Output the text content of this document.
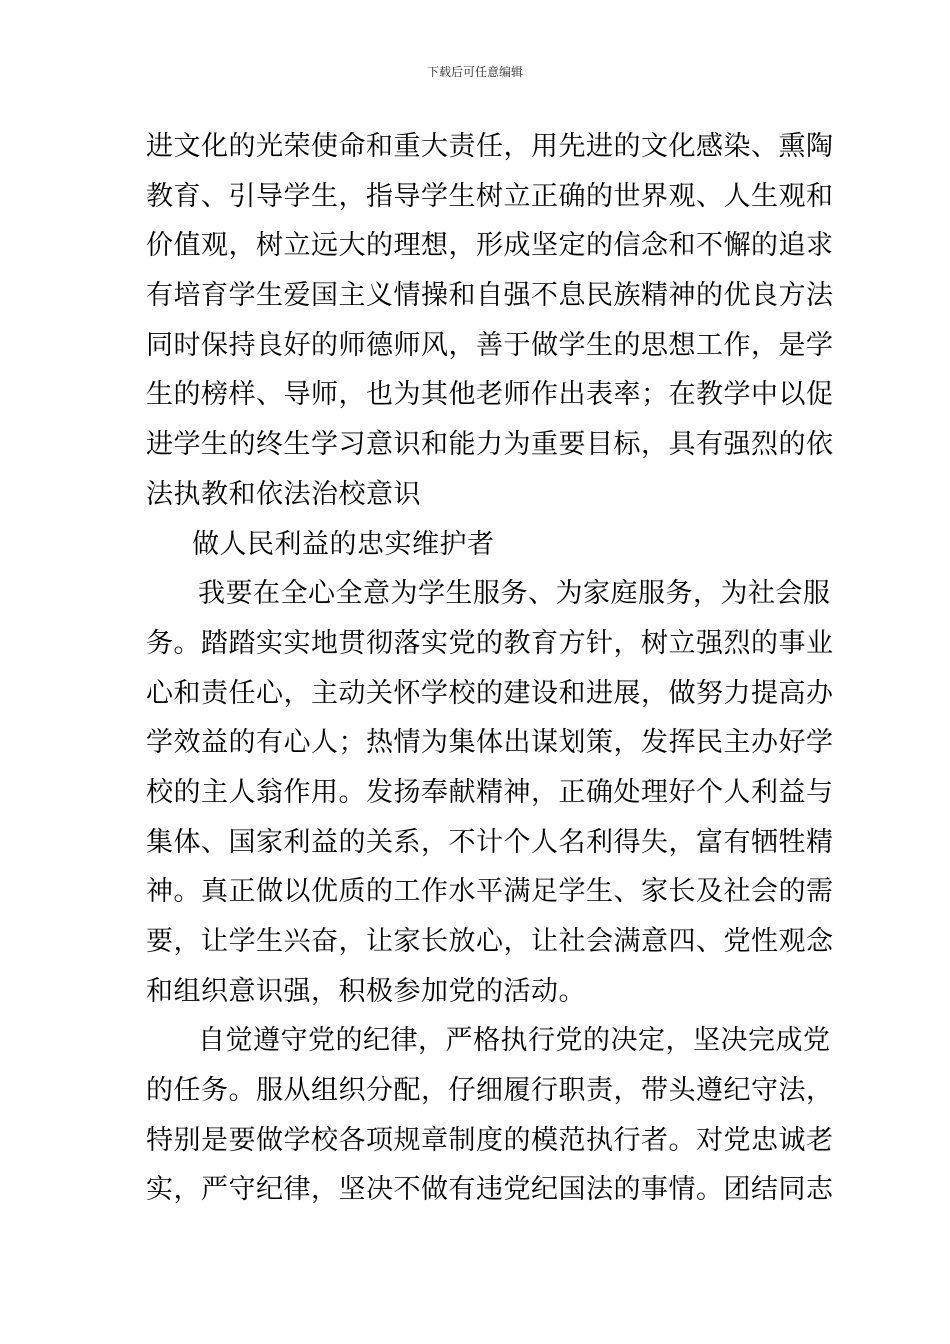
下载后可任意编辑
进文化的光荣使命和重大责任，用先进的文化感染、熏陶
教育、引导学生，指导学生树立正确的世界观、人生观和
价值观，树立远大的理想，形成坚定的信念和不懈的追求
有培育学生爱国主义情操和自强不息民族精神的优良方法
同时保持良好的师德师风，善于做学生的思想工作，是学
生的榜样、导师，也为其他老师作出表率；在教学中以促
进学生的终生学习意识和能力为重要目标，具有强烈的依
法执教和依法治校意识
做人民利益的忠实维护者
我要在全心全意为学生服务、为家庭服务，为社会服
务。踏踏实实地贯彻落实党的教育方针，树立强烈的事业
心和责任心，主动关怀学校的建设和进展，做努力提高办
学效益的有心人；热情为集体出谋划策，发挥民主办好学
校的主人翁作用。发扬奉献精神，正确处理好个人利益与
集体、国家利益的关系，不计个人名利得失，富有牺牲精
神。真正做以优质的工作水平满足学生、家长及社会的需
要，让学生兴奋，让家长放心，让社会满意四、党性观念
和组织意识强，积极参加党的活动。
自觉遵守党的纪律，严格执行党的决定，坚决完成党
的任务。服从组织分配，仔细履行职责，带头遵纪守法，
特别是要做学校各项规章制度的模范执行者。对党忠诚老
实，严守纪律，坚决不做有违党纪国法的事情。团结同志
